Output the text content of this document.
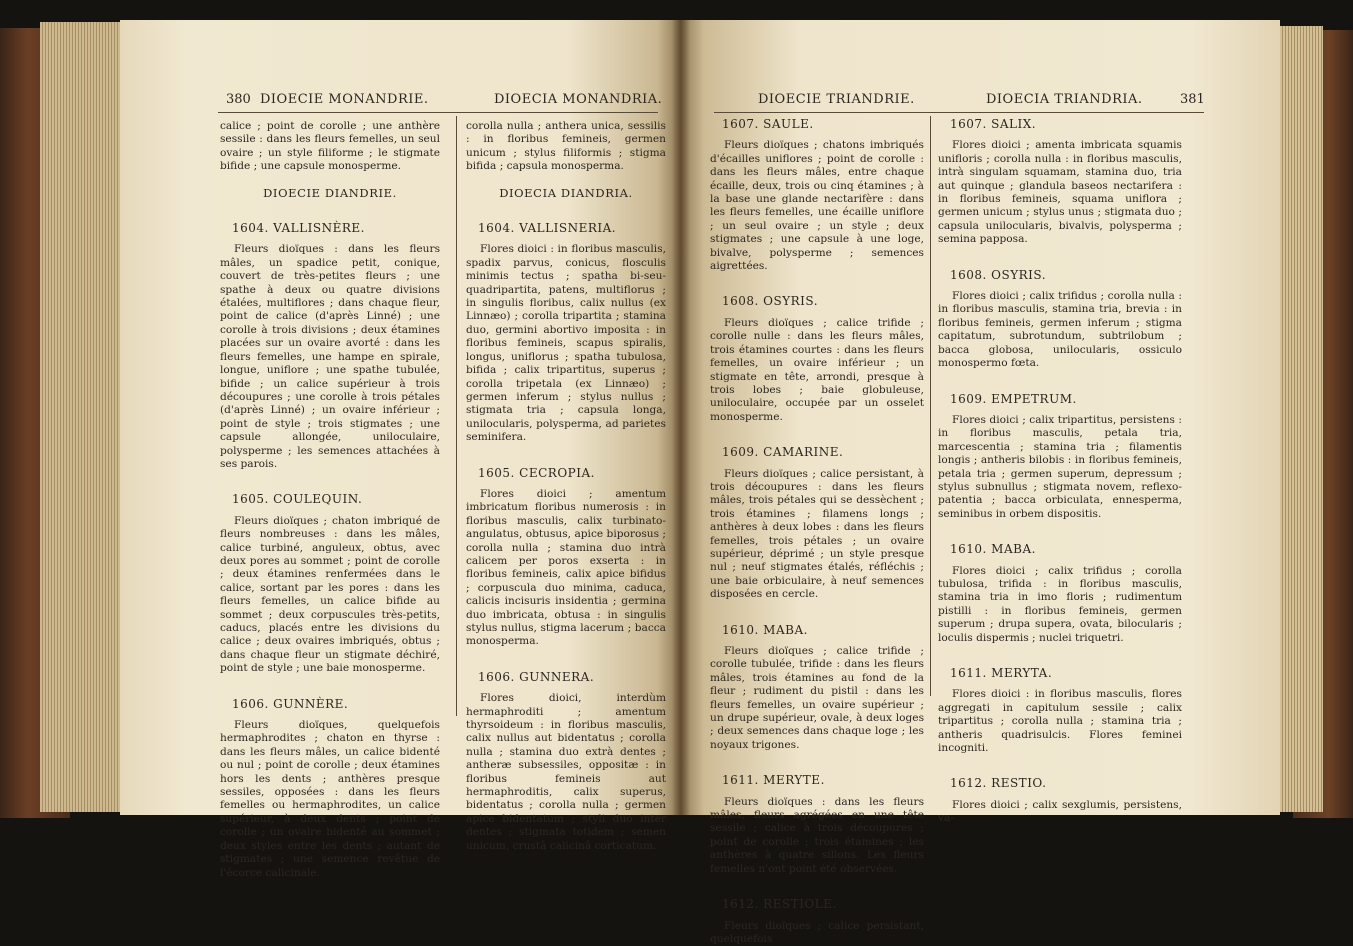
380 DIOECIE MONANDRIE.	DIOECIA MONANDRIA.

calice ; point de corolle ; une anthère sessile : dans les fleurs femelles, un seul ovaire ; un style filiforme ; le stigmate bifide ; une capsule monosperme.

DIOECIE DIANDRIE.

1604. VALLISNÈRE.

Fleurs dioïques : dans les fleurs mâles, un spadice petit, conique, couvert de très-petites fleurs ; une spathe à deux ou quatre divisions étalées, multiflores ; dans chaque fleur, point de calice (d'après Linné) ; une corolle à trois divisions ; deux étamines placées sur un ovaire avorté : dans les fleurs femelles, une hampe en spirale, longue, uniflore ; une spathe tubulée, bifide ; un calice supérieur à trois découpures ; une corolle à trois pétales (d'après Linné) ; un ovaire inférieur ; point de style ; trois stigmates ; une capsule allongée, uniloculaire, polysperme ; les semences attachées à ses parois.

1605. COULEQUIN.

Fleurs dioïques ; chaton imbriqué de fleurs nombreuses : dans les mâles, calice turbiné, anguleux, obtus, avec deux pores au sommet ; point de corolle ; deux étamines renfermées dans le calice, sortant par les pores : dans les fleurs femelles, un calice bifide au sommet ; deux corpuscules très-petits, caducs, placés entre les divisions du calice ; deux ovaires imbriqués, obtus ; dans chaque fleur un stigmate déchiré, point de style ; une baie monosperme.

1606. GUNNÈRE.

Fleurs dioïques, quelquefois hermaphrodites ; chaton en thyrse : dans les fleurs mâles, un calice bidenté ou nul ; point de corolle ; deux étamines hors les dents ; anthères presque sessiles, opposées : dans les fleurs femelles ou hermaphrodites, un calice supérieur, à deux dents ; point de corolle ; un ovaire bidenté au sommet ; deux styles entre les dents ; autant de stigmates ; une semence revêtue de l'écorce calicinale.

corolla nulla ; anthera unica, sessilis : in floribus femineis, germen unicum ; stylus filiformis ; stigma bifida ; capsula monosperma.

DIOECIA DIANDRIA.

1604. VALLISNERIA.

Flores dioici : in floribus masculis, spadix parvus, conicus, flosculis minimis tectus ; spatha bi-seu-quadripartita, patens, multiflorus ; in singulis floribus, calix nullus (ex Linnæo) ; corolla tripartita ; stamina duo, germini abortivo imposita : in floribus femineis, scapus spiralis, longus, uniflorus ; spatha tubulosa, bifida ; calix tripartitus, superus ; corolla tripetala (ex Linnæo) ; germen inferum ; stylus nullus ; stigmata tria ; capsula longa, unilocularis, polysperma, ad parietes seminifera.

1605. CECROPIA.

Flores dioici ; amentum imbricatum floribus numerosis : in floribus masculis, calix turbinato-angulatus, obtusus, apice biporosus ; corolla nulla ; stamina duo intrà calicem per poros exserta : in floribus femineis, calix apice bifidus ; corpuscula duo minima, caduca, calicis incisuris insidentia ; germina duo imbricata, obtusa : in singulis stylus nullus, stigma lacerum ; bacca monosperma.

1606. GUNNERA.

Flores dioici, interdùm hermaphroditi ; amentum thyrsoideum : in floribus masculis, calix nullus aut bidentatus ; corolla nulla ; stamina duo extrà dentes ; antheræ subsessiles, oppositæ : in floribus femineis aut hermaphroditis, calix superus, bidentatus ; corolla nulla ; germen apice bidentatum ; styli duo inter dentes ; stigmata totidem ; semen unicum, crustâ calicinâ corticatum.

DIOECIE TRIANDRIE.	DIOECIA TRIANDRIA.	381

1607. SAULE.

Fleurs dioïques ; chatons imbriqués d'écailles uniflores ; point de corolle : dans les fleurs mâles, entre chaque écaille, deux, trois ou cinq étamines ; à la base une glande nectarifère : dans les fleurs femelles, une écaille uniflore ; un seul ovaire ; un style ; deux stigmates ; une capsule à une loge, bivalve, polysperme ; semences aigrettées.

1608. OSYRIS.

Fleurs dioïques ; calice trifide ; corolle nulle : dans les fleurs mâles, trois étamines courtes : dans les fleurs femelles, un ovaire inférieur ; un stigmate en tête, arrondi, presque à trois lobes ; baie globuleuse, uniloculaire, occupée par un osselet monosperme.

1609. CAMARINE.

Fleurs dioïques ; calice persistant, à trois découpures : dans les fleurs mâles, trois pétales qui se dessèchent ; trois étamines ; filamens longs ; anthères à deux lobes : dans les fleurs femelles, trois pétales ; un ovaire supérieur, déprimé ; un style presque nul ; neuf stigmates étalés, réfléchis ; une baie orbiculaire, à neuf semences disposées en cercle.

1610. MABA.

Fleurs dioïques ; calice trifide ; corolle tubulée, trifide : dans les fleurs mâles, trois étamines au fond de la fleur ; rudiment du pistil : dans les fleurs femelles, un ovaire supérieur ; un drupe supérieur, ovale, à deux loges ; deux semences dans chaque loge ; les noyaux trigones.

1611. MERYTE.

Fleurs dioïques : dans les fleurs mâles, fleurs agrégées en une tête sessile ; calice à trois découpures ; point de corolle ; trois étamines ; les anthères à quatre sillons. Les fleurs femelles n'ont point été observées.

1612. RESTIOLE.

Fleurs dioïques ; calice persistant, quelquefois

1607. SALIX.

Flores dioici ; amenta imbricata squamis unifloris ; corolla nulla : in floribus masculis, intrà singulam squamam, stamina duo, tria aut quinque ; glandula baseos nectarifera : in floribus femineis, squama uniflora ; germen unicum ; stylus unus ; stigmata duo ; capsula unilocularis, bivalvis, polysperma ; semina papposa.

1608. OSYRIS.

Flores dioici ; calix trifidus ; corolla nulla : in floribus masculis, stamina tria, brevia : in floribus femineis, germen inferum ; stigma capitatum, subrotundum, subtrilobum ; bacca globosa, unilocularis, ossiculo monospermo fœta.

1609. EMPETRUM.

Flores dioici ; calix tripartitus, persistens : in floribus masculis, petala tria, marcescentia ; stamina tria ; filamentis longis ; antheris bilobis : in floribus femineis, petala tria ; germen superum, depressum ; stylus subnullus ; stigmata novem, reflexo-patentia ; bacca orbiculata, ennesperma, seminibus in orbem dispositis.

1610. MABA.

Flores dioici ; calix trifidus ; corolla tubulosa, trifida : in floribus masculis, stamina tria in imo floris ; rudimentum pistilli : in floribus femineis, germen superum ; drupa supera, ovata, bilocularis ; loculis dispermis ; nuclei triquetri.

1611. MERYTA.

Flores dioici : in floribus masculis, flores aggregati in capitulum sessile ; calix tripartitus ; corolla nulla ; stamina tria ; antheris quadrisulcis. Flores feminei incogniti.

1612. RESTIO.

Flores dioici ; calix sexglumis, persistens, va-
